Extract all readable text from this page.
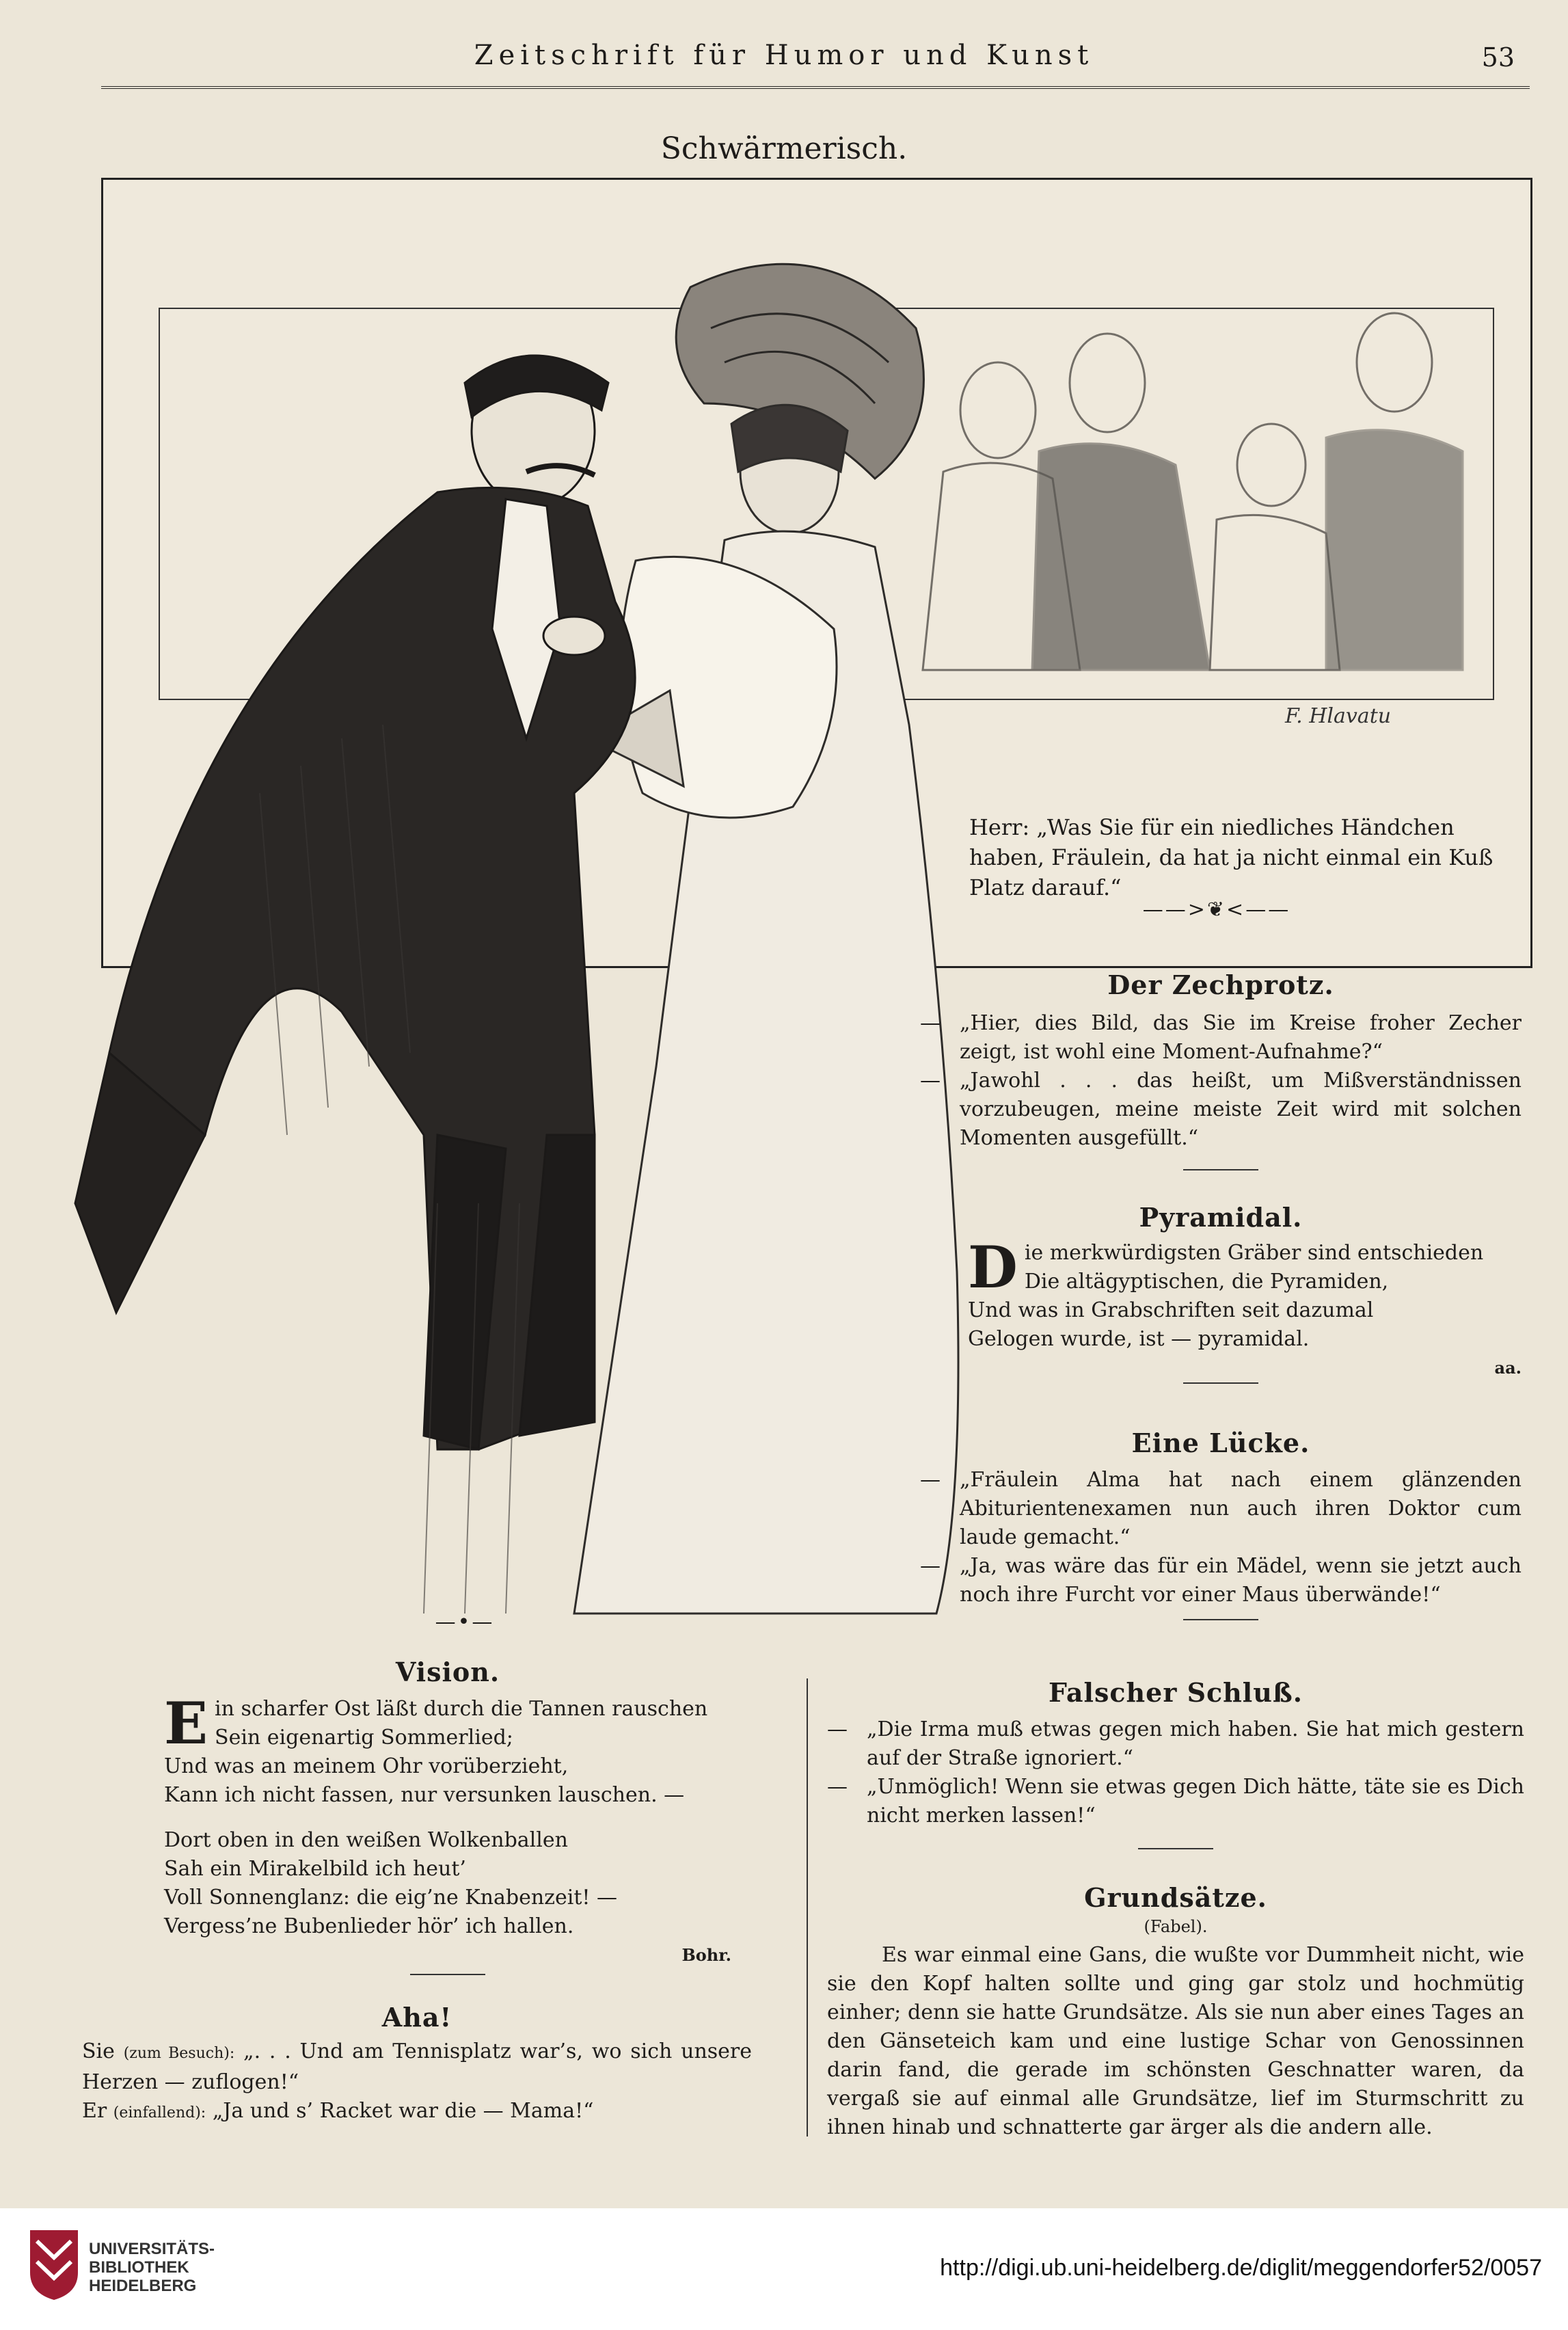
Zeitschrift für Humor und Kunst	53
Schwärmerisch.
F. Hlavatu
Herr: „Was Sie für ein niedliches Händchen
haben, Fräulein, da hat ja nicht einmal ein Kuß
Platz darauf.“
——>❦<——
Der Zechprotz.
— „Hier, dies Bild, das Sie im Kreise froher Zecher zeigt, ist wohl eine Moment-Aufnahme?“
— „Jawohl . . . das heißt, um Mißverständnissen vorzubeugen, meine meiste Zeit wird mit solchen Momenten ausgefüllt.“
Pyramidal.
Die merkwürdigsten Gräber sind entschieden
Die altägyptischen, die Pyramiden,
Und was in Grabschriften seit dazumal
Gelogen wurde, ist — pyramidal.
aa.
Eine Lücke.
— „Fräulein Alma hat nach einem glänzenden Abiturientenexamen nun auch ihren Doktor cum laude gemacht.“
— „Ja, was wäre das für ein Mädel, wenn sie jetzt auch noch ihre Furcht vor einer Maus überwände!“
—•—
Vision.
Ein scharfer Ost läßt durch die Tannen rauschen
Sein eigenartig Sommerlied;
Und was an meinem Ohr vorüberzieht,
Kann ich nicht fassen, nur versunken lauschen. —
Dort oben in den weißen Wolkenballen
Sah ein Mirakelbild ich heut’
Voll Sonnenglanz: die eig’ne Knabenzeit! —
Vergess’ne Bubenlieder hör’ ich hallen.
Bohr.
Aha!
Sie (zum Besuch): „. . . Und am Tennisplatz war’s, wo sich unsere Herzen — zuflogen!“
Er (einfallend): „Ja und s’ Racket war die — Mama!“
Falscher Schluß.
— „Die Irma muß etwas gegen mich haben. Sie hat mich gestern auf der Straße ignoriert.“
— „Unmöglich! Wenn sie etwas gegen Dich hätte, täte sie es Dich nicht merken lassen!“
Grundsätze.
(Fabel).
Es war einmal eine Gans, die wußte vor Dummheit nicht, wie sie den Kopf halten sollte und ging gar stolz und hochmütig einher; denn sie hatte Grundsätze. Als sie nun aber eines Tages an den Gänseteich kam und eine lustige Schar von Genossinnen darin fand, die gerade im schönsten Geschnatter waren, da vergaß sie auf einmal alle Grundsätze, lief im Sturmschritt zu ihnen hinab und schnatterte gar ärger als die andern alle.
UNIVERSITÄTS-
BIBLIOTHEK
HEIDELBERG
http://digi.ub.uni-heidelberg.de/diglit/meggendorfer52/0057
